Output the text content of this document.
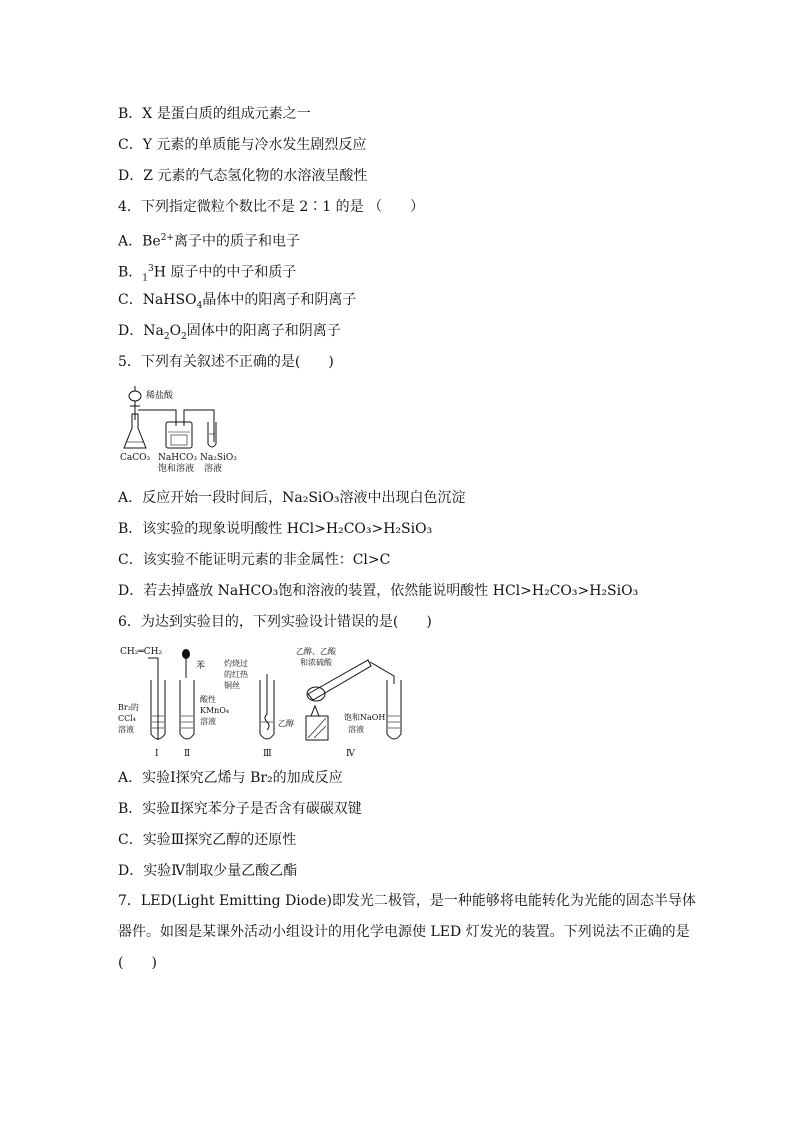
B．X 是蛋白质的组成元素之一
C．Y 元素的单质能与冷水发生剧烈反应
D．Z 元素的气态氢化物的水溶液呈酸性
4．下列指定微粒个数比不是 2∶1 的是 （　　）
A．$Be^{2+}$离子中的质子和电子
B．$_1^3$H 原子中的中子和质子
C．NaHSO$_4$晶体中的阳离子和阴离子
D．$Na_2O_2$固体中的阳离子和阴离子
5．下列有关叙述不正确的是(　　)
稀盐酸
CaCO₃ NaHCO₃
饱和溶液
Na₂SiO₃
溶液
A．反应开始一段时间后，Na₂SiO₃溶液中出现白色沉淀
B．该实验的现象说明酸性 HCl>H₂CO₃>H₂SiO₃
C．该实验不能证明元素的非金属性：Cl>C
D．若去掉盛放 NaHCO₃饱和溶液的装置，依然能说明酸性 HCl>H₂CO₃>H₂SiO₃
6．为达到实验目的，下列实验设计错误的是(　　)
CH₂═CH₂
Br₂的
CCl₄
溶液
Ⅰ
苯
酸性
KMnO₄
溶液
Ⅱ
灼烧过
的红热
铜丝
乙醇
Ⅲ
乙醇、乙酸
和浓硫酸
饱和NaOH
溶液
Ⅳ
A．实验Ⅰ探究乙烯与 Br₂的加成反应
B．实验Ⅱ探究苯分子是否含有碳碳双键
C．实验Ⅲ探究乙醇的还原性
D．实验Ⅳ制取少量乙酸乙酯
7．LED(Light Emitting Diode)即发光二极管，是一种能够将电能转化为光能的固态半导体器件。如图是某课外活动小组设计的用化学电源使 LED 灯发光的装置。下列说法不正确的是(　　)
